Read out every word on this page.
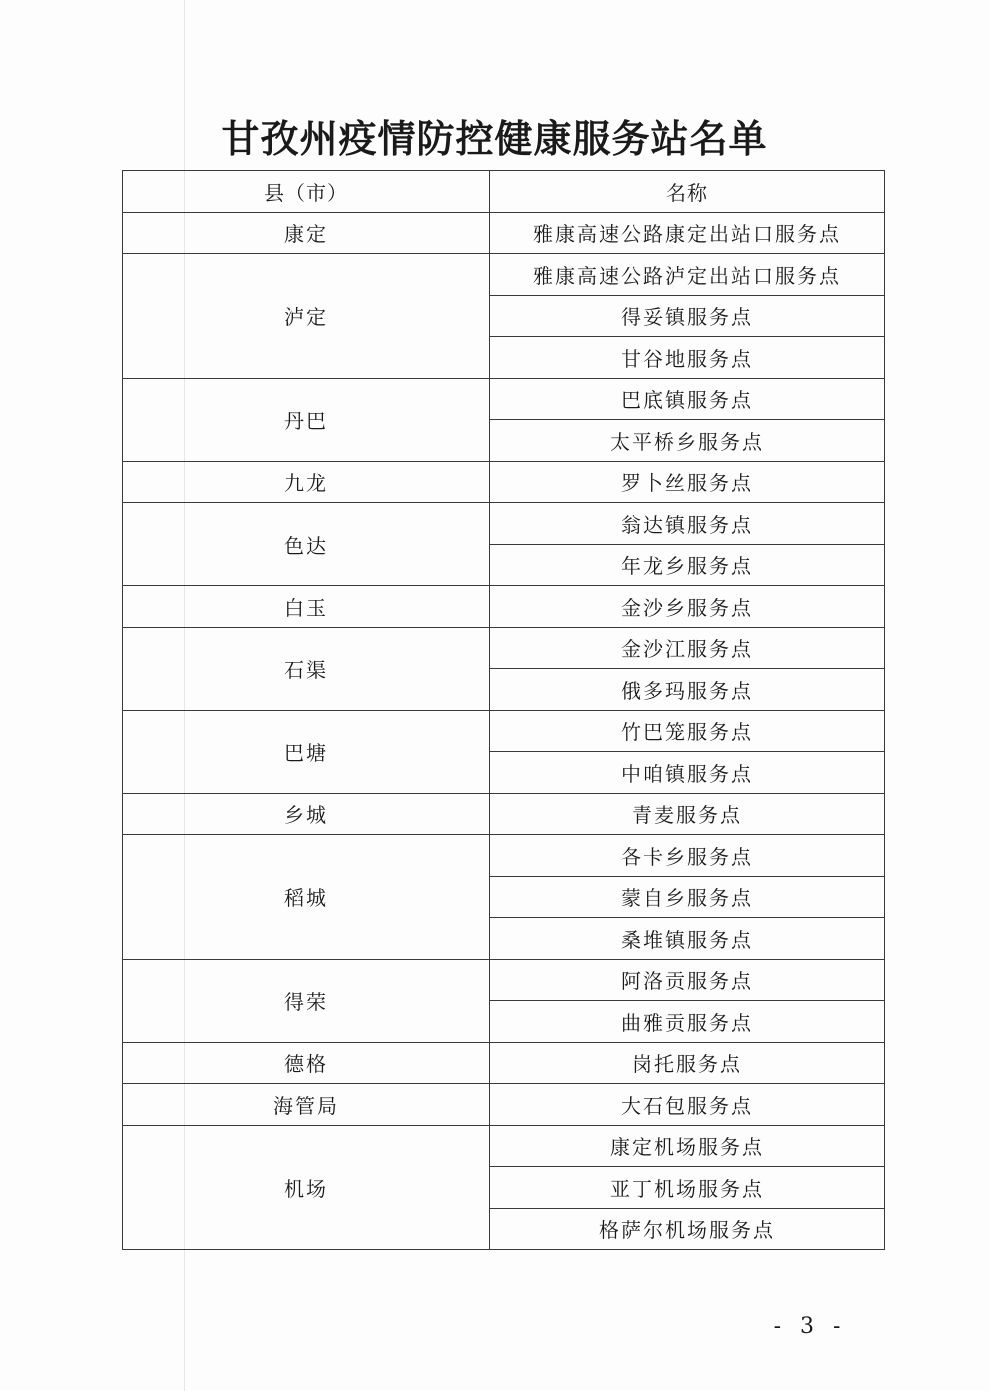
甘孜州疫情防控健康服务站名单
县（市）	名称
康定	雅康高速公路康定出站口服务点
泸定	雅康高速公路泸定出站口服务点
	得妥镇服务点
	甘谷地服务点
丹巴	巴底镇服务点
	太平桥乡服务点
九龙	罗卜丝服务点
色达	翁达镇服务点
	年龙乡服务点
白玉	金沙乡服务点
石渠	金沙江服务点
	俄多玛服务点
巴塘	竹巴笼服务点
	中咱镇服务点
乡城	青麦服务点
稻城	各卡乡服务点
	蒙自乡服务点
	桑堆镇服务点
得荣	阿洛贡服务点
	曲雅贡服务点
德格	岗托服务点
海管局	大石包服务点
机场	康定机场服务点
	亚丁机场服务点
	格萨尔机场服务点
- 3 -
